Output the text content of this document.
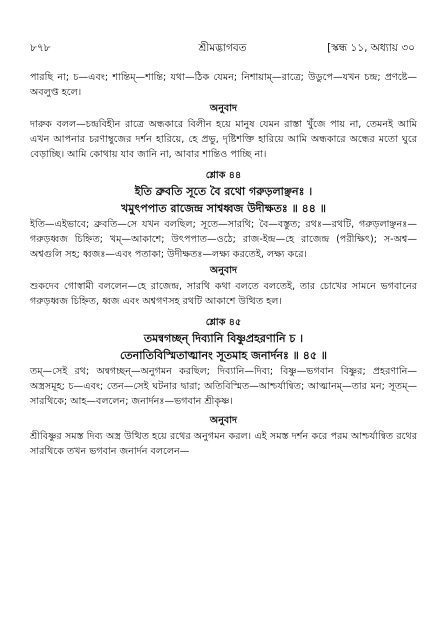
৮৭৮	শ্রীমদ্ভাগবত	[স্কন্ধ ১১, অধ্যায় ৩০

পারছি না; চ—এবং; শান্তিম্‌—শান্তি; যথা—ঠিক যেমন; নিশায়াম্‌—রাত্রে; উডুপে—যখন চন্দ্র; প্রণষ্টে—অবলুপ্ত হলে।

অনুবাদ

দারুক বলল—চন্দ্রবিহীন রাত্রে অন্ধকারে বিলীন হয়ে মানুষ যেমন রাস্তা খুঁজে পায় না, তেমনই আমি এখন আপনার চরণাম্বুজের দর্শন হারিয়ে, হে প্রভু, দৃষ্টিশক্তি হারিয়ে আমি অন্ধকারে অন্ধের মতো ঘুরে বেড়াচ্ছি। আমি কোথায় যাব জানি না, আবার শান্তিও পাচ্ছি না।

শ্লোক ৪৪
ইতি ব্রুবতি সূতে বৈ রথো গরুড়লাঞ্ছনঃ ।
খমুৎপপাত রাজেন্দ্র সাশ্বধ্বজ উদীক্ষতঃ ॥ ৪৪ ॥

ইতি—এইভাবে; ব্রুবতি—সে যখন বলছিল; সূতে—সারথি; বৈ—বস্তুত; রথঃ—রথটি, গরুড়লাঞ্ছনঃ—গরুড়ধ্বজ চিহ্নিত; খম্‌—আকাশে; উৎপপাত—ওঠে; রাজ-ইন্দ্র—হে রাজেন্দ্র (পরীক্ষিৎ); স-অশ্ব—অশ্বগুলি সহ; ধ্বজঃ—এবং পতাকা; উদীক্ষতঃ—লক্ষ্য করতেই, লক্ষ্য করে।

অনুবাদ

শুকদেব গোস্বামী বললেন—হে রাজেন্দ্র, সারথি কথা বলতে বলতেই, তার চোখের সামনে ভগবানের গরুড়ধ্বজ চিহ্নিত, ধ্বজ এবং অশ্বগণসহ রথটি আকাশে উত্থিত হল।

শ্লোক ৪৫
তমন্বগচ্ছন্‌ দিব্যানি বিষ্ণুপ্রহরণানি চ ।
তেনাতিবিস্মিতাত্মানং সূতমাহ জনার্দনঃ ॥ ৪৫ ॥

তম্‌—সেই রথ; অন্বগচ্ছন্‌—অনুগমন করছিল; দিব্যানি—দিব্য; বিষ্ণু—ভগবান বিষ্ণুর; প্রহরণানি—অস্ত্রসমূহ; চ—এবং; তেন—সেই ঘটনার দ্বারা; অতিবিস্মিত—আশ্চর্যান্বিত; আত্মানম্‌—তার মন; সূতম্‌—সারথিকে; আহ—বললেন; জনার্দনঃ—ভগবান শ্রীকৃষ্ণ।

অনুবাদ

শ্রীবিষ্ণুর সমস্ত দিব্য অস্ত্র উত্থিত হয়ে রথের অনুগমন করল। এই সমস্ত দর্শন করে পরম আশ্চর্যান্বিত রথের সারথিকে তখন ভগবান জনার্দন বললেন—
